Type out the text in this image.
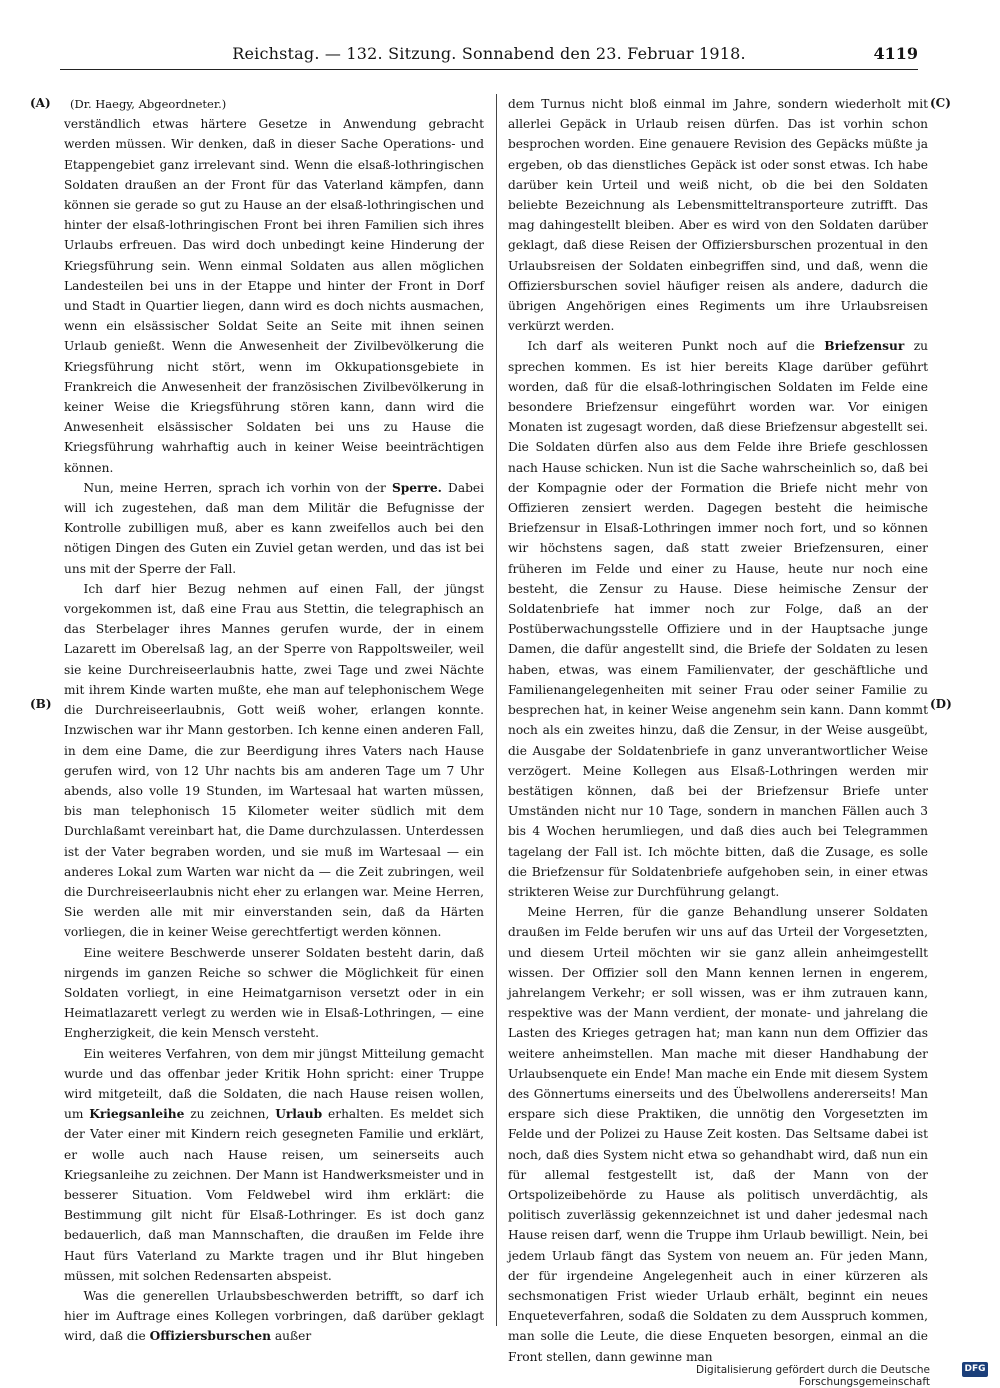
Reichstag. — 132. Sitzung. Sonnabend den 23. Februar 1918.	4119
(A)
(B)
(C)
(D)
(Dr. Haegy, Abgeordneter.)

verständlich etwas härtere Gesetze in Anwendung gebracht werden müssen. Wir denken, daß in dieser Sache Operations- und Etappengebiet ganz irrelevant sind. Wenn die elsaß-lothringischen Soldaten draußen an der Front für das Vaterland kämpfen, dann können sie gerade so gut zu Hause an der elsaß-lothringischen und hinter der elsaß-lothringischen Front bei ihren Familien sich ihres Urlaubs erfreuen. Das wird doch unbedingt keine Hinderung der Kriegsführung sein. Wenn einmal Soldaten aus allen möglichen Landesteilen bei uns in der Etappe und hinter der Front in Dorf und Stadt in Quartier liegen, dann wird es doch nichts ausmachen, wenn ein elsässischer Soldat Seite an Seite mit ihnen seinen Urlaub genießt. Wenn die Anwesenheit der Zivilbevölkerung die Kriegsführung nicht stört, wenn im Okkupationsgebiete in Frankreich die Anwesenheit der französischen Zivilbevölkerung in keiner Weise die Kriegsführung stören kann, dann wird die Anwesenheit elsässischer Soldaten bei uns zu Hause die Kriegsführung wahrhaftig auch in keiner Weise beeinträchtigen können.

Nun, meine Herren, sprach ich vorhin von der Sperre. Dabei will ich zugestehen, daß man dem Militär die Befugnisse der Kontrolle zubilligen muß, aber es kann zweifellos auch bei den nötigen Dingen des Guten ein Zuviel getan werden, und das ist bei uns mit der Sperre der Fall.

Ich darf hier Bezug nehmen auf einen Fall, der jüngst vorgekommen ist, daß eine Frau aus Stettin, die telegraphisch an das Sterbelager ihres Mannes gerufen wurde, der in einem Lazarett im Oberelsaß lag, an der Sperre von Rappoltsweiler, weil sie keine Durchreiseerlaubnis hatte, zwei Tage und zwei Nächte mit ihrem Kinde warten mußte, ehe man auf telephonischem Wege die Durchreiseerlaubnis, Gott weiß woher, erlangen konnte. Inzwischen war ihr Mann gestorben. Ich kenne einen anderen Fall, in dem eine Dame, die zur Beerdigung ihres Vaters nach Hause gerufen wird, von 12 Uhr nachts bis am anderen Tage um 7 Uhr abends, also volle 19 Stunden, im Wartesaal hat warten müssen, bis man telephonisch 15 Kilometer weiter südlich mit dem Durchlaßamt vereinbart hat, die Dame durchzulassen. Unterdessen ist der Vater begraben worden, und sie muß im Wartesaal — ein anderes Lokal zum Warten war nicht da — die Zeit zubringen, weil die Durchreiseerlaubnis nicht eher zu erlangen war. Meine Herren, Sie werden alle mit mir einverstanden sein, daß da Härten vorliegen, die in keiner Weise gerechtfertigt werden können.

Eine weitere Beschwerde unserer Soldaten besteht darin, daß nirgends im ganzen Reiche so schwer die Möglichkeit für einen Soldaten vorliegt, in eine Heimatgarnison versetzt oder in ein Heimatlazarett verlegt zu werden wie in Elsaß-Lothringen, — eine Engherzigkeit, die kein Mensch versteht.

Ein weiteres Verfahren, von dem mir jüngst Mitteilung gemacht wurde und das offenbar jeder Kritik Hohn spricht: einer Truppe wird mitgeteilt, daß die Soldaten, die nach Hause reisen wollen, um Kriegsanleihe zu zeichnen, Urlaub erhalten. Es meldet sich der Vater einer mit Kindern reich gesegneten Familie und erklärt, er wolle auch nach Hause reisen, um seinerseits auch Kriegsanleihe zu zeichnen. Der Mann ist Handwerksmeister und in besserer Situation. Vom Feldwebel wird ihm erklärt: die Bestimmung gilt nicht für Elsaß-Lothringer. Es ist doch ganz bedauerlich, daß man Mannschaften, die draußen im Felde ihre Haut fürs Vaterland zu Markte tragen und ihr Blut hingeben müssen, mit solchen Redensarten abspeist.

Was die generellen Urlaubsbeschwerden betrifft, so darf ich hier im Auftrage eines Kollegen vorbringen, daß darüber geklagt wird, daß die Offiziersburschen außer

dem Turnus nicht bloß einmal im Jahre, sondern wiederholt mit allerlei Gepäck in Urlaub reisen dürfen. Das ist vorhin schon besprochen worden. Eine genauere Revision des Gepäcks müßte ja ergeben, ob das dienstliches Gepäck ist oder sonst etwas. Ich habe darüber kein Urteil und weiß nicht, ob die bei den Soldaten beliebte Bezeichnung als Lebensmitteltransporteure zutrifft. Das mag dahingestellt bleiben. Aber es wird von den Soldaten darüber geklagt, daß diese Reisen der Offiziersburschen prozentual in den Urlaubsreisen der Soldaten einbegriffen sind, und daß, wenn die Offiziersburschen soviel häufiger reisen als andere, dadurch die übrigen Angehörigen eines Regiments um ihre Urlaubsreisen verkürzt werden.

Ich darf als weiteren Punkt noch auf die Briefzensur zu sprechen kommen. Es ist hier bereits Klage darüber geführt worden, daß für die elsaß-lothringischen Soldaten im Felde eine besondere Briefzensur eingeführt worden war. Vor einigen Monaten ist zugesagt worden, daß diese Briefzensur abgestellt sei. Die Soldaten dürfen also aus dem Felde ihre Briefe geschlossen nach Hause schicken. Nun ist die Sache wahrscheinlich so, daß bei der Kompagnie oder der Formation die Briefe nicht mehr von Offizieren zensiert werden. Dagegen besteht die heimische Briefzensur in Elsaß-Lothringen immer noch fort, und so können wir höchstens sagen, daß statt zweier Briefzensuren, einer früheren im Felde und einer zu Hause, heute nur noch eine besteht, die Zensur zu Hause. Diese heimische Zensur der Soldatenbriefe hat immer noch zur Folge, daß an der Postüberwachungsstelle Offiziere und in der Hauptsache junge Damen, die dafür angestellt sind, die Briefe der Soldaten zu lesen haben, etwas, was einem Familienvater, der geschäftliche und Familienangelegenheiten mit seiner Frau oder seiner Familie zu besprechen hat, in keiner Weise angenehm sein kann. Dann kommt noch als ein zweites hinzu, daß die Zensur, in der Weise ausgeübt, die Ausgabe der Soldatenbriefe in ganz unverantwortlicher Weise verzögert. Meine Kollegen aus Elsaß-Lothringen werden mir bestätigen können, daß bei der Briefzensur Briefe unter Umständen nicht nur 10 Tage, sondern in manchen Fällen auch 3 bis 4 Wochen herumliegen, und daß dies auch bei Telegrammen tagelang der Fall ist. Ich möchte bitten, daß die Zusage, es solle die Briefzensur für Soldatenbriefe aufgehoben sein, in einer etwas strikteren Weise zur Durchführung gelangt.

Meine Herren, für die ganze Behandlung unserer Soldaten draußen im Felde berufen wir uns auf das Urteil der Vorgesetzten, und diesem Urteil möchten wir sie ganz allein anheimgestellt wissen. Der Offizier soll den Mann kennen lernen in engerem, jahrelangem Verkehr; er soll wissen, was er ihm zutrauen kann, respektive was der Mann verdient, der monate- und jahrelang die Lasten des Krieges getragen hat; man kann nun dem Offizier das weitere anheimstellen. Man mache mit dieser Handhabung der Urlaubsenquete ein Ende! Man mache ein Ende mit diesem System des Gönnertums einerseits und des Übelwollens andererseits! Man erspare sich diese Praktiken, die unnötig den Vorgesetzten im Felde und der Polizei zu Hause Zeit kosten. Das Seltsame dabei ist noch, daß dies System nicht etwa so gehandhabt wird, daß nun ein für allemal festgestellt ist, daß der Mann von der Ortspolizeibehörde zu Hause als politisch unverdächtig, als politisch zuverlässig gekennzeichnet ist und daher jedesmal nach Hause reisen darf, wenn die Truppe ihm Urlaub bewilligt. Nein, bei jedem Urlaub fängt das System von neuem an. Für jeden Mann, der für irgendeine Angelegenheit auch in einer kürzeren als sechsmonatigen Frist wieder Urlaub erhält, beginnt ein neues Enqueteverfahren, sodaß die Soldaten zu dem Ausspruch kommen, man solle die Leute, die diese Enqueten besorgen, einmal an die Front stellen, dann gewinne man

Digitalisierung gefördert durch die Deutsche Forschungsgemeinschaft
DFG
